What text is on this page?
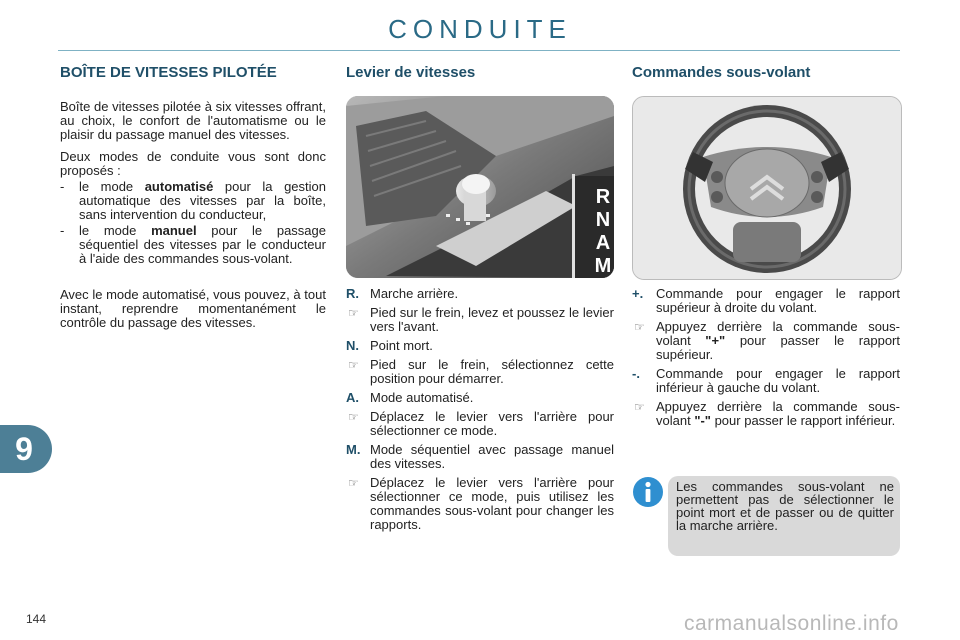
CONDUITE
BOÎTE DE VITESSES PILOTÉE

Boîte de vitesses pilotée à six vitesses offrant, au choix, le confort de l'automatisme ou le plaisir du passage manuel des vitesses.

Deux modes de conduite vous sont donc proposés :

- le mode automatisé pour la gestion automatique des vitesses par la boîte, sans intervention du conducteur,
- le mode manuel pour le passage séquentiel des vitesses par le conducteur à l'aide des commandes sous-volant.

Avec le mode automatisé, vous pouvez, à tout instant, reprendre momentanément le contrôle du passage des vitesses.

Levier de vitesses
R
N
A
M
R. Marche arrière.
☞ Pied sur le frein, levez et poussez le levier vers l'avant.
N. Point mort.
☞ Pied sur le frein, sélectionnez cette position pour démarrer.
A. Mode automatisé.
☞ Déplacez le levier vers l'arrière pour sélectionner ce mode.
M. Mode séquentiel avec passage manuel des vitesses.
☞ Déplacez le levier vers l'arrière pour sélectionner ce mode, puis utilisez les commandes sous-volant pour changer les rapports.
Commandes sous-volant
+. Commande pour engager le rapport supérieur à droite du volant.
☞ Appuyez derrière la commande sous-volant "+" pour passer le rapport supérieur.
-. Commande pour engager le rapport inférieur à gauche du volant.
☞ Appuyez derrière la commande sous-volant "-" pour passer le rapport inférieur.
Les commandes sous-volant ne permettent pas de sélectionner le point mort et de passer ou de quitter la marche arrière.
9
144	carmanualsonline.info
